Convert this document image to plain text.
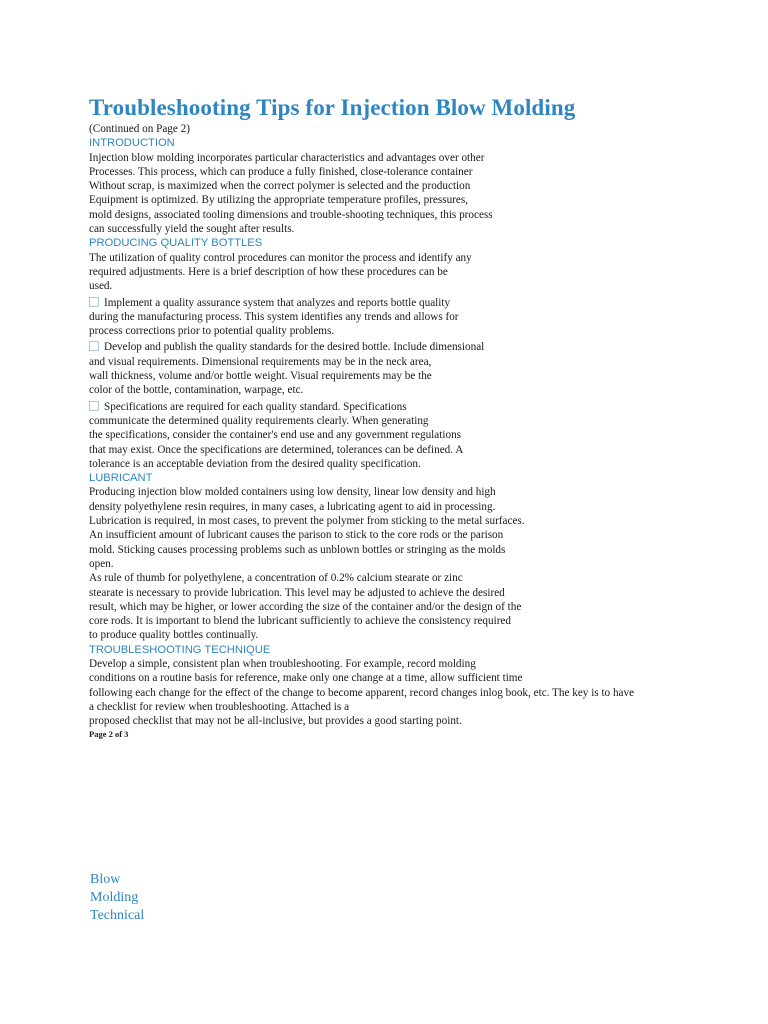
Troubleshooting Tips for Injection Blow Molding

(Continued on Page 2)

INTRODUCTION

Injection blow molding incorporates particular characteristics and advantages over other

Processes. This process, which can produce a fully finished, close-tolerance container

Without scrap, is maximized when the correct polymer is selected and the production

Equipment is optimized. By utilizing the appropriate temperature profiles, pressures,

mold designs, associated tooling dimensions and trouble-shooting techniques, this process

can successfully yield the sought after results.

PRODUCING QUALITY BOTTLES

The utilization of quality control procedures can monitor the process and identify any

required adjustments. Here is a brief description of how these procedures can be

used.

Implement a quality assurance system that analyzes and reports bottle quality

during the manufacturing process. This system identifies any trends and allows for

process corrections prior to potential quality problems.

Develop and publish the quality standards for the desired bottle. Include dimensional

and visual requirements. Dimensional requirements may be in the neck area,

wall thickness, volume and/or bottle weight. Visual requirements may be the

color of the bottle, contamination, warpage, etc.

Specifications are required for each quality standard. Specifications

communicate the determined quality requirements clearly. When generating

the specifications, consider the container's end use and any government regulations

that may exist. Once the specifications are determined, tolerances can be defined. A

tolerance is an acceptable deviation from the desired quality specification.

LUBRICANT

Producing injection blow molded containers using low density, linear low density and high

density polyethylene resin requires, in many cases, a lubricating agent to aid in processing.

Lubrication is required, in most cases, to prevent the polymer from sticking to the metal surfaces.

An insufficient amount of lubricant causes the parison to stick to the core rods or the parison

mold. Sticking causes processing problems such as unblown bottles or stringing as the molds

open.

As rule of thumb for polyethylene, a concentration of 0.2% calcium stearate or zinc

stearate is necessary to provide lubrication. This level may be adjusted to achieve the desired

result, which may be higher, or lower according the size of the container and/or the design of the

core rods. It is important to blend the lubricant sufficiently to achieve the consistency required

to produce quality bottles continually.

TROUBLESHOOTING TECHNIQUE

Develop a simple, consistent plan when troubleshooting. For example, record molding

conditions on a routine basis for reference, make only one change at a time, allow sufficient time

following each change for the effect of the change to become apparent, record changes inlog book, etc. The key is to have

a checklist for review when troubleshooting. Attached is a

proposed checklist that may not be all-inclusive, but provides a good starting point.

Page 2 of 3

Blow
Molding
Technical
